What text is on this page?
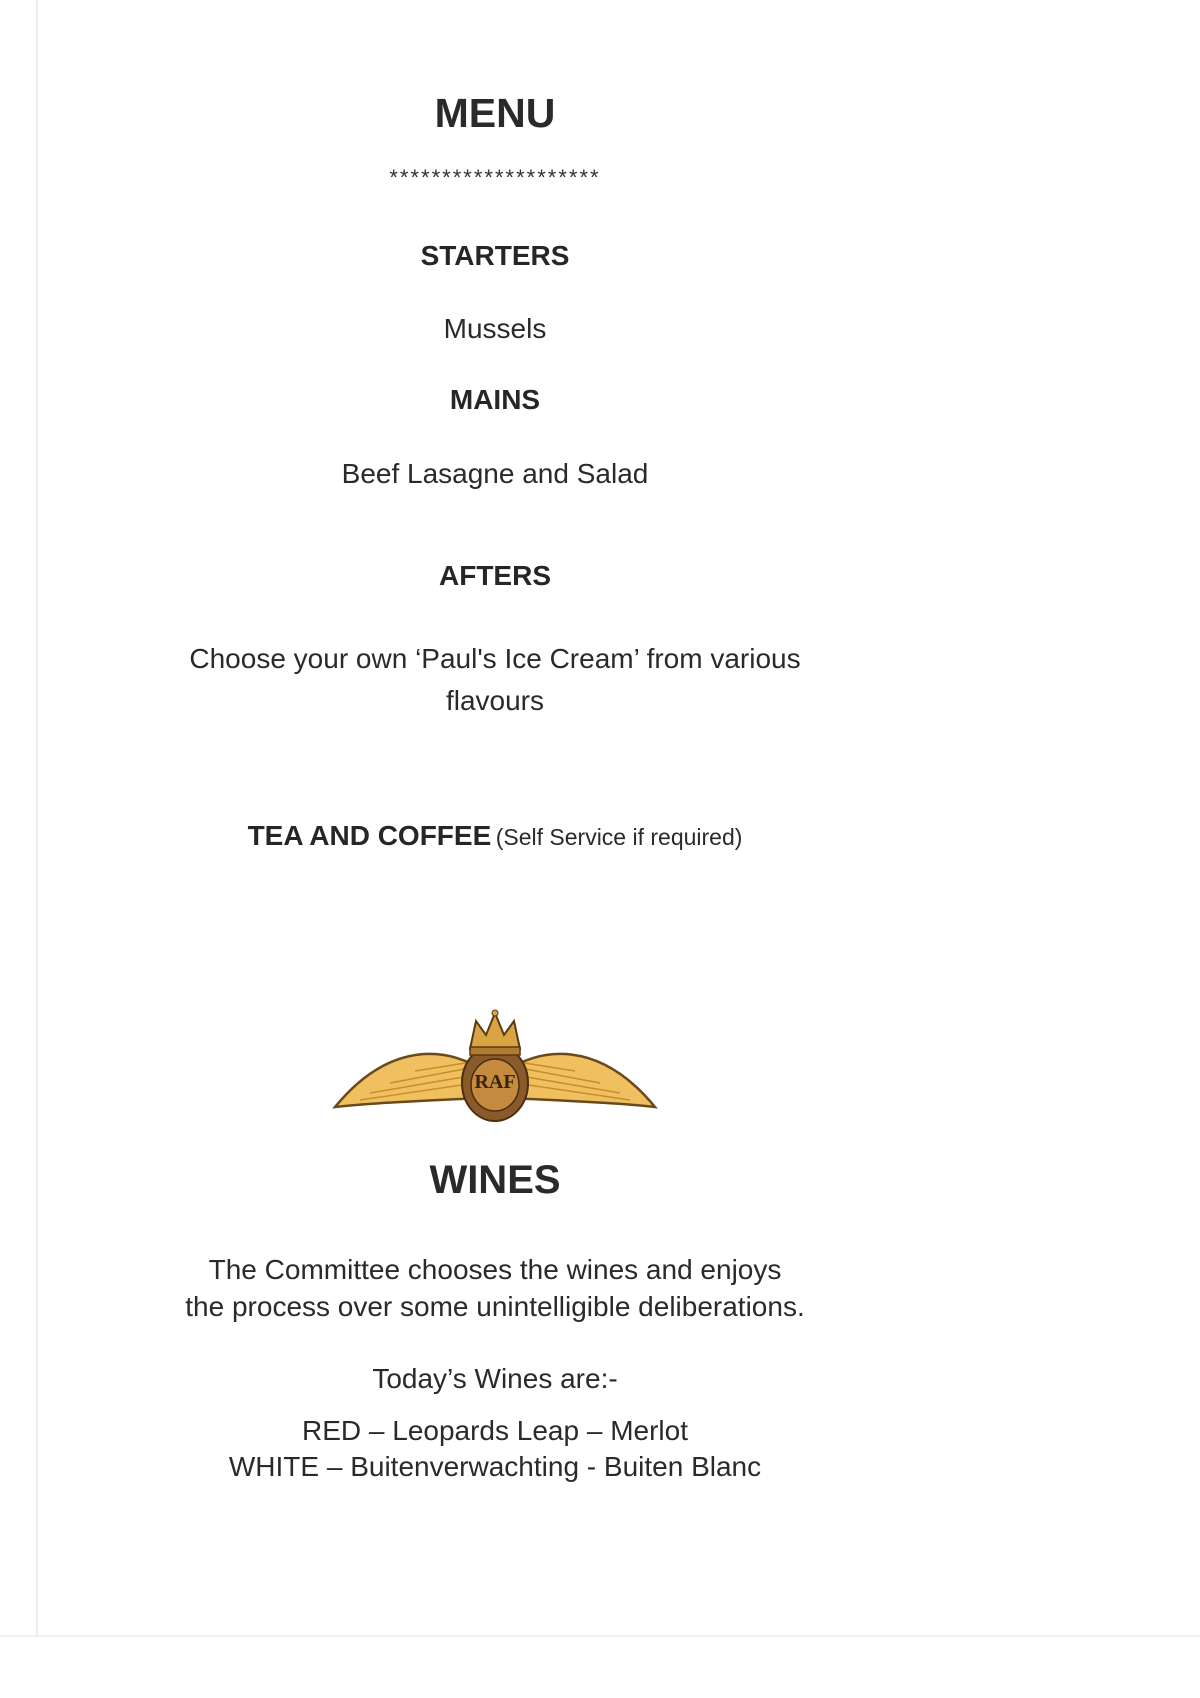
MENU
********************
STARTERS
Mussels
MAINS
Beef Lasagne and Salad
AFTERS
Choose your own ‘Paul's Ice Cream’ from various
flavours
TEA AND COFFEE (Self Service if required)
RAF
WINES
The Committee chooses the wines and enjoys
the process over some unintelligible deliberations.
Today’s Wines are:-
RED – Leopards Leap – Merlot
WHITE – Buitenverwachting - Buiten Blanc
